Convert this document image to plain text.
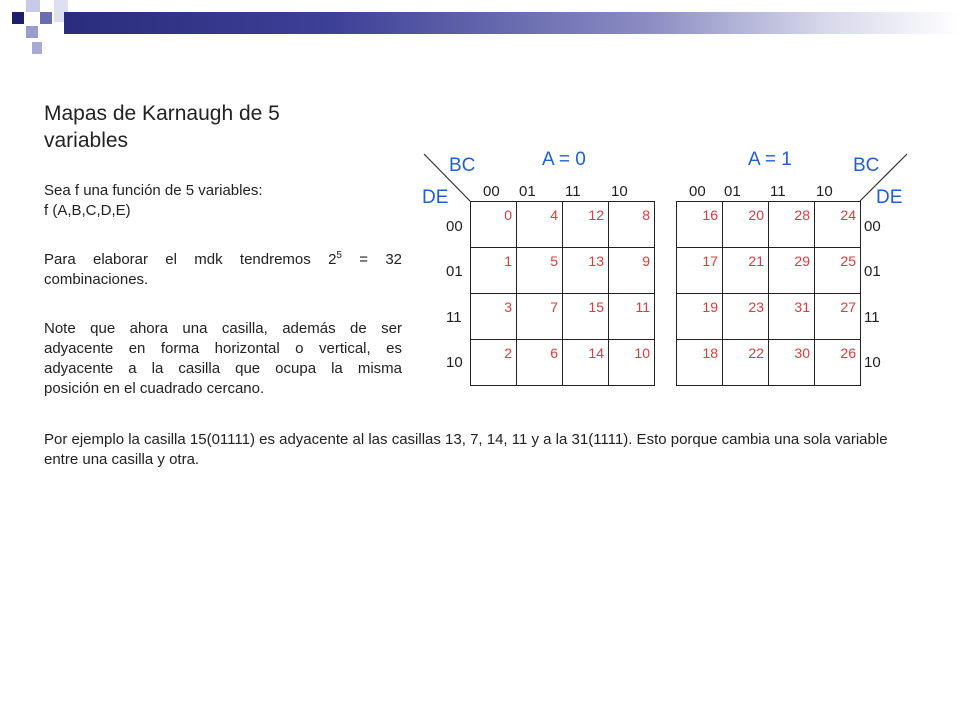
Mapas de Karnaugh de 5 variables
Sea f una función de 5 variables:
f (A,B,C,D,E)
Para elaborar el mdk tendremos $2^5 = 32$
combinaciones.
Note que ahora una casilla, además de ser
adyacente en forma horizontal o vertical, es
adyacente a la casilla que ocupa la misma
posición en el cuadrado cercano.
Por ejemplo la casilla 15(01111) es adyacente al las casillas 13, 7, 14, 11 y a la 31(1111). Esto porque cambia una sola variable entre una casilla y otra.
BC
DE
A = 0
00 01 11 10
00
01
11
10
0	4	12	8

1	5	13	9

3	7	15	11

2	6	14	10
A = 1	BC
DE
00 01 11 10
00
01
11
10
16	20	28	24

17	21	29	25

19	23	31	27

18	22	30	26
